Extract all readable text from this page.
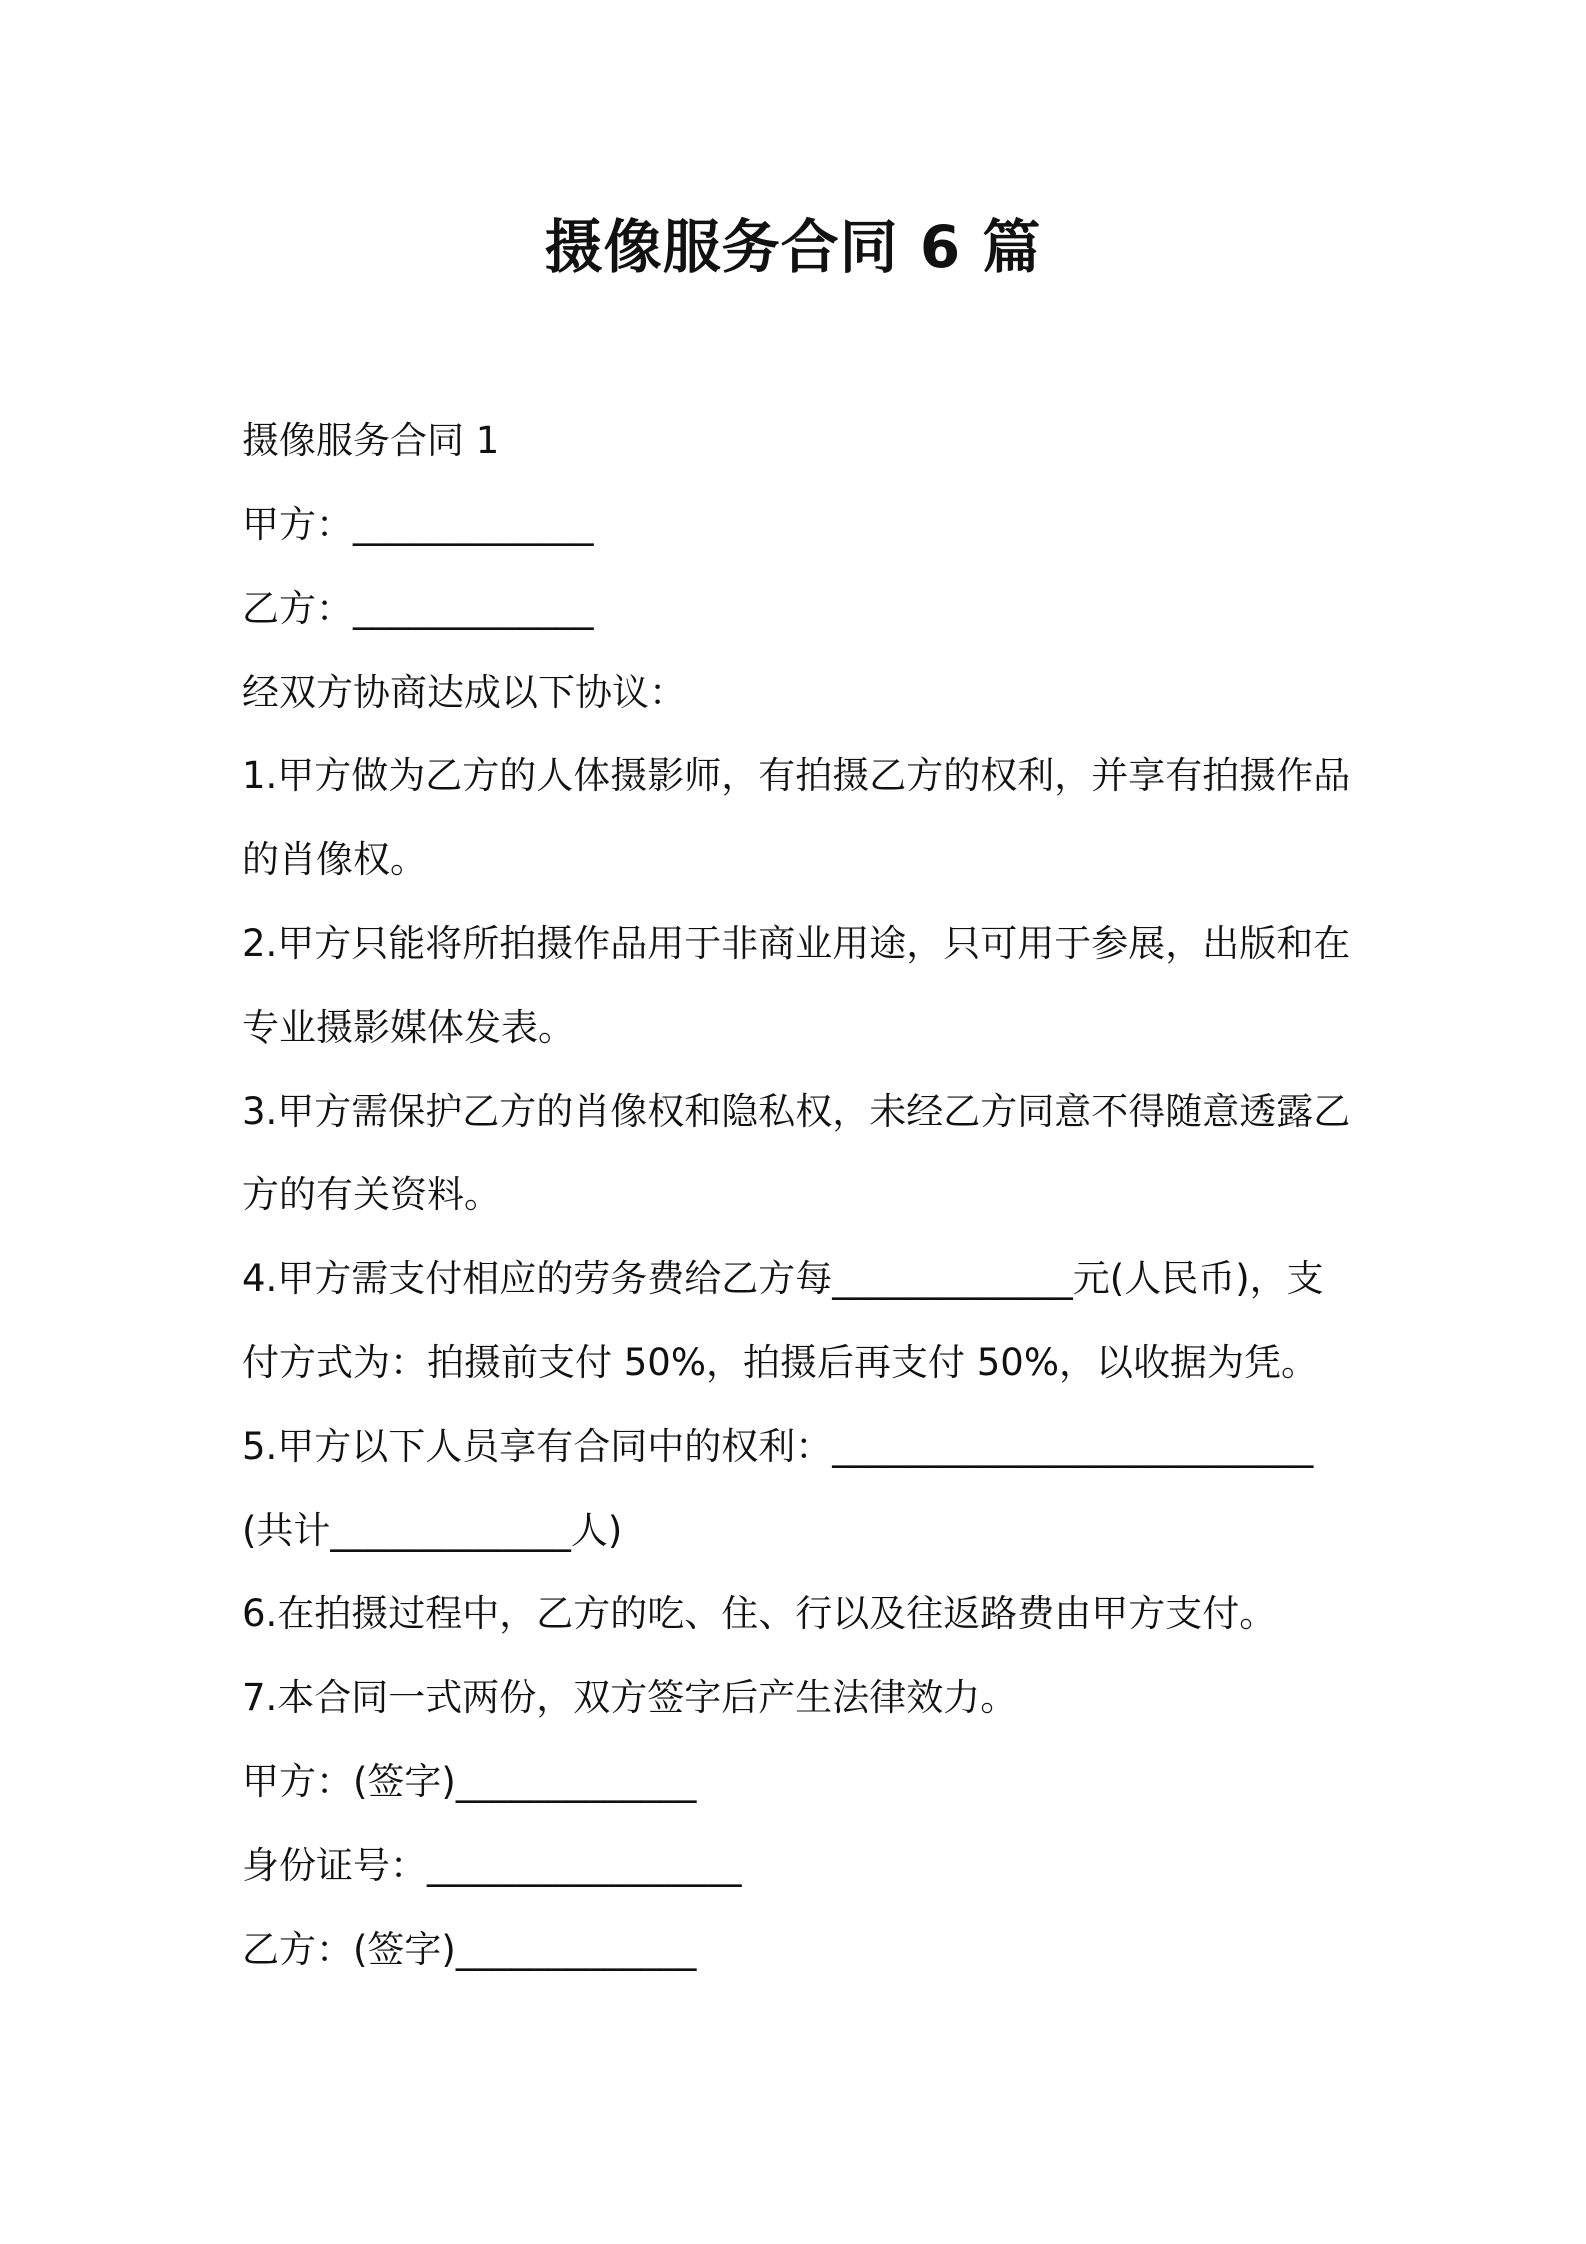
摄像服务合同 6 篇
摄像服务合同 1
甲方：_____________
乙方：_____________
经双方协商达成以下协议：
1.甲方做为乙方的人体摄影师，有拍摄乙方的权利，并享有拍摄作品
的肖像权。
2.甲方只能将所拍摄作品用于非商业用途，只可用于参展，出版和在
专业摄影媒体发表。
3.甲方需保护乙方的肖像权和隐私权，未经乙方同意不得随意透露乙
方的有关资料。
4.甲方需支付相应的劳务费给乙方每_____________元(人民币)，支
付方式为：拍摄前支付 50%，拍摄后再支付 50%，以收据为凭。
5.甲方以下人员享有合同中的权利：__________________________
(共计_____________人)
6.在拍摄过程中，乙方的吃、住、行以及往返路费由甲方支付。
7.本合同一式两份，双方签字后产生法律效力。
甲方：(签字)_____________
身份证号：_________________
乙方：(签字)_____________
